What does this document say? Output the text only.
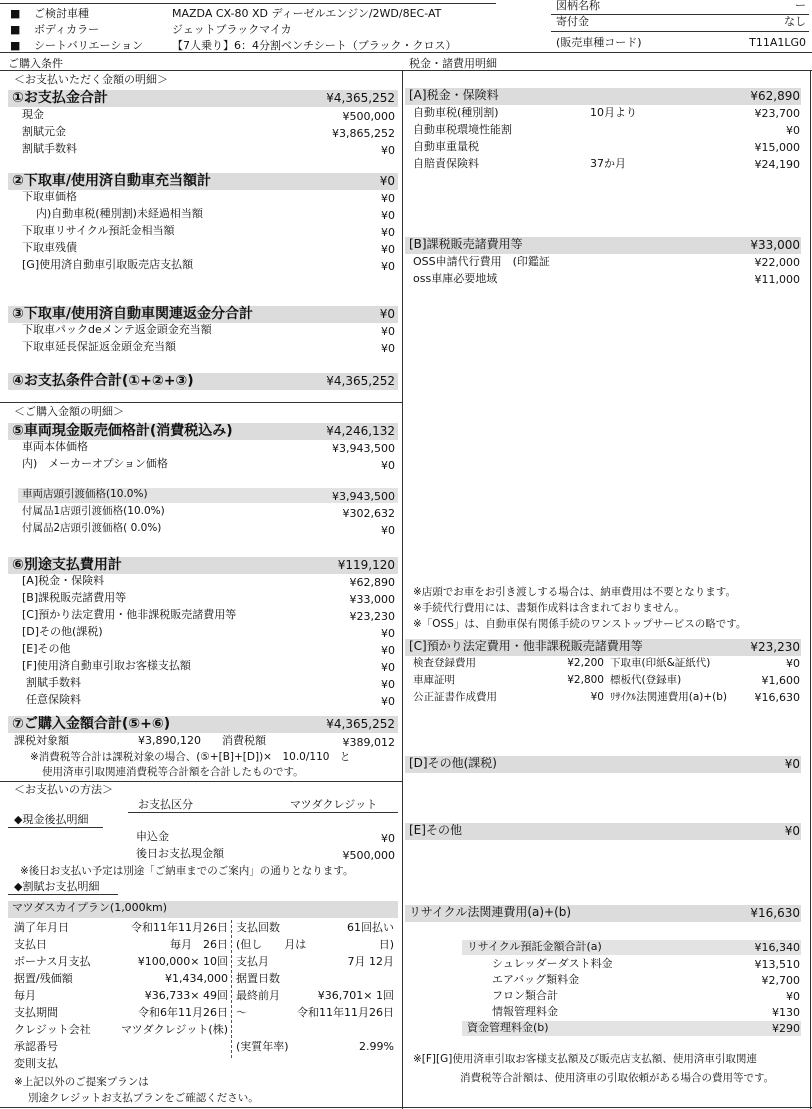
■ ご検討車種	MAZDA CX-80 XD ディーゼルエンジン/2WD/8EC-AT
■ ボディカラー	ジェットブラックマイカ
■ シートバリエーション	【7人乗り】6：4分割ベンチシート（ブラック・クロス）
図柄名称	ー
寄付金	なし
(販売車種コード)	T11A1LG0
ご購入条件	税金・諸費用明細
＜お支払いただく金額の明細＞
①お支払金合計	¥4,365,252
現金	¥500,000
割賦元金	¥3,865,252
割賦手数料	¥0
②下取車/使用済自動車充当額計	¥0
下取車価格	¥0
内)自動車税(種別割)未経過相当額	¥0
下取車リサイクル預託金相当額	¥0
下取車残債	¥0
[G]使用済自動車引取販売店支払額	¥0
③下取車/使用済自動車関連返金分合計	¥0
下取車パックdeメンテ返金頭金充当額	¥0
下取車延長保証返金頭金充当額	¥0
④お支払条件合計(①+②+③)	¥4,365,252
＜ご購入金額の明細＞
⑤車両現金販売価格計(消費税込み)	¥4,246,132
車両本体価格	¥3,943,500
内)　メーカーオプション価格	¥0
車両店頭引渡価格(10.0%)	¥3,943,500
付属品1店頭引渡価格(10.0%)	¥302,632
付属品2店頭引渡価格( 0.0%)	¥0
⑥別途支払費用計	¥119,120
[A]税金・保険料	¥62,890
[B]課税販売諸費用等	¥33,000
[C]預かり法定費用・他非課税販売諸費用等	¥23,230
[D]その他(課税)	¥0
[E]その他	¥0
[F]使用済自動車引取お客様支払額	¥0
割賦手数料	¥0
任意保険料	¥0
⑦ご購入金額合計(⑤+⑥)	¥4,365,252
課税対象額	¥3,890,120 消費税額	¥389,012
※消費税等合計は課税対象の場合、(⑤+[B]+[D])×　10.0/110　と
使用済車引取関連消費税等合計額を合計したものです。
＜お支払いの方法＞
お支払区分	マツダクレジット
◆現金後払明細
申込金	¥0
後日お支払現金額	¥500,000
※後日お支払い予定は別途「ご納車までのご案内」の通りとなります。
◆割賦お支払明細
マツダスカイプラン(1,000km)
満了年月日	令和11年11月26日 支払回数	61回払い
支払日	毎月　26日 (但し　　月は	日)
ボーナス月支払	¥100,000× 10回 支払月	7月 12月
据置/残価額	¥1,434,000 据置日数
毎月	¥36,733× 49回 最終前月	¥36,701× 1回
支払期間	令和6年11月26日 〜	令和11年11月26日
クレジット会社	マツダクレジット(株)
承認番号	(実質年率)	2.99%
変則支払
※上記以外のご提案プランは
別途クレジットお支払プランをご確認ください。
[A]税金・保険料	¥62,890
自動車税(種別割)	10月より	¥23,700
自動車税環境性能割	¥0
自動車重量税	¥15,000
自賠責保険料	37か月	¥24,190
[B]課税販売諸費用等	¥33,000
OSS申請代行費用　(印鑑証	¥22,000
oss車庫必要地域	¥11,000
※店頭でお車をお引き渡しする場合は、納車費用は不要となります。
※手続代行費用には、書類作成料は含まれておりません。
※「OSS」は、自動車保有関係手続のワンストップサービスの略です。
[C]預かり法定費用・他非課税販売諸費用等	¥23,230
検査登録費用	¥2,200 下取車(印紙&証紙代)	¥0
車庫証明	¥2,800 標板代(登録車)	¥1,600
公正証書作成費用	¥0 ﾘｻｲｸﾙ法関連費用(a)+(b) ¥16,630
[D]その他(課税)	¥0
[E]その他	¥0
リサイクル法関連費用(a)+(b)	¥16,630
リサイクル預託金額合計(a)	¥16,340
シュレッダーダスト料金	¥13,510
エアバッグ類料金	¥2,700
フロン類合計	¥0
情報管理料金	¥130
資金管理料金(b)	¥290
※[F][G]使用済車引取お客様支払額及び販売店支払額、使用済車引取関連
消費税等合計額は、使用済車の引取依頼がある場合の費用等です。
